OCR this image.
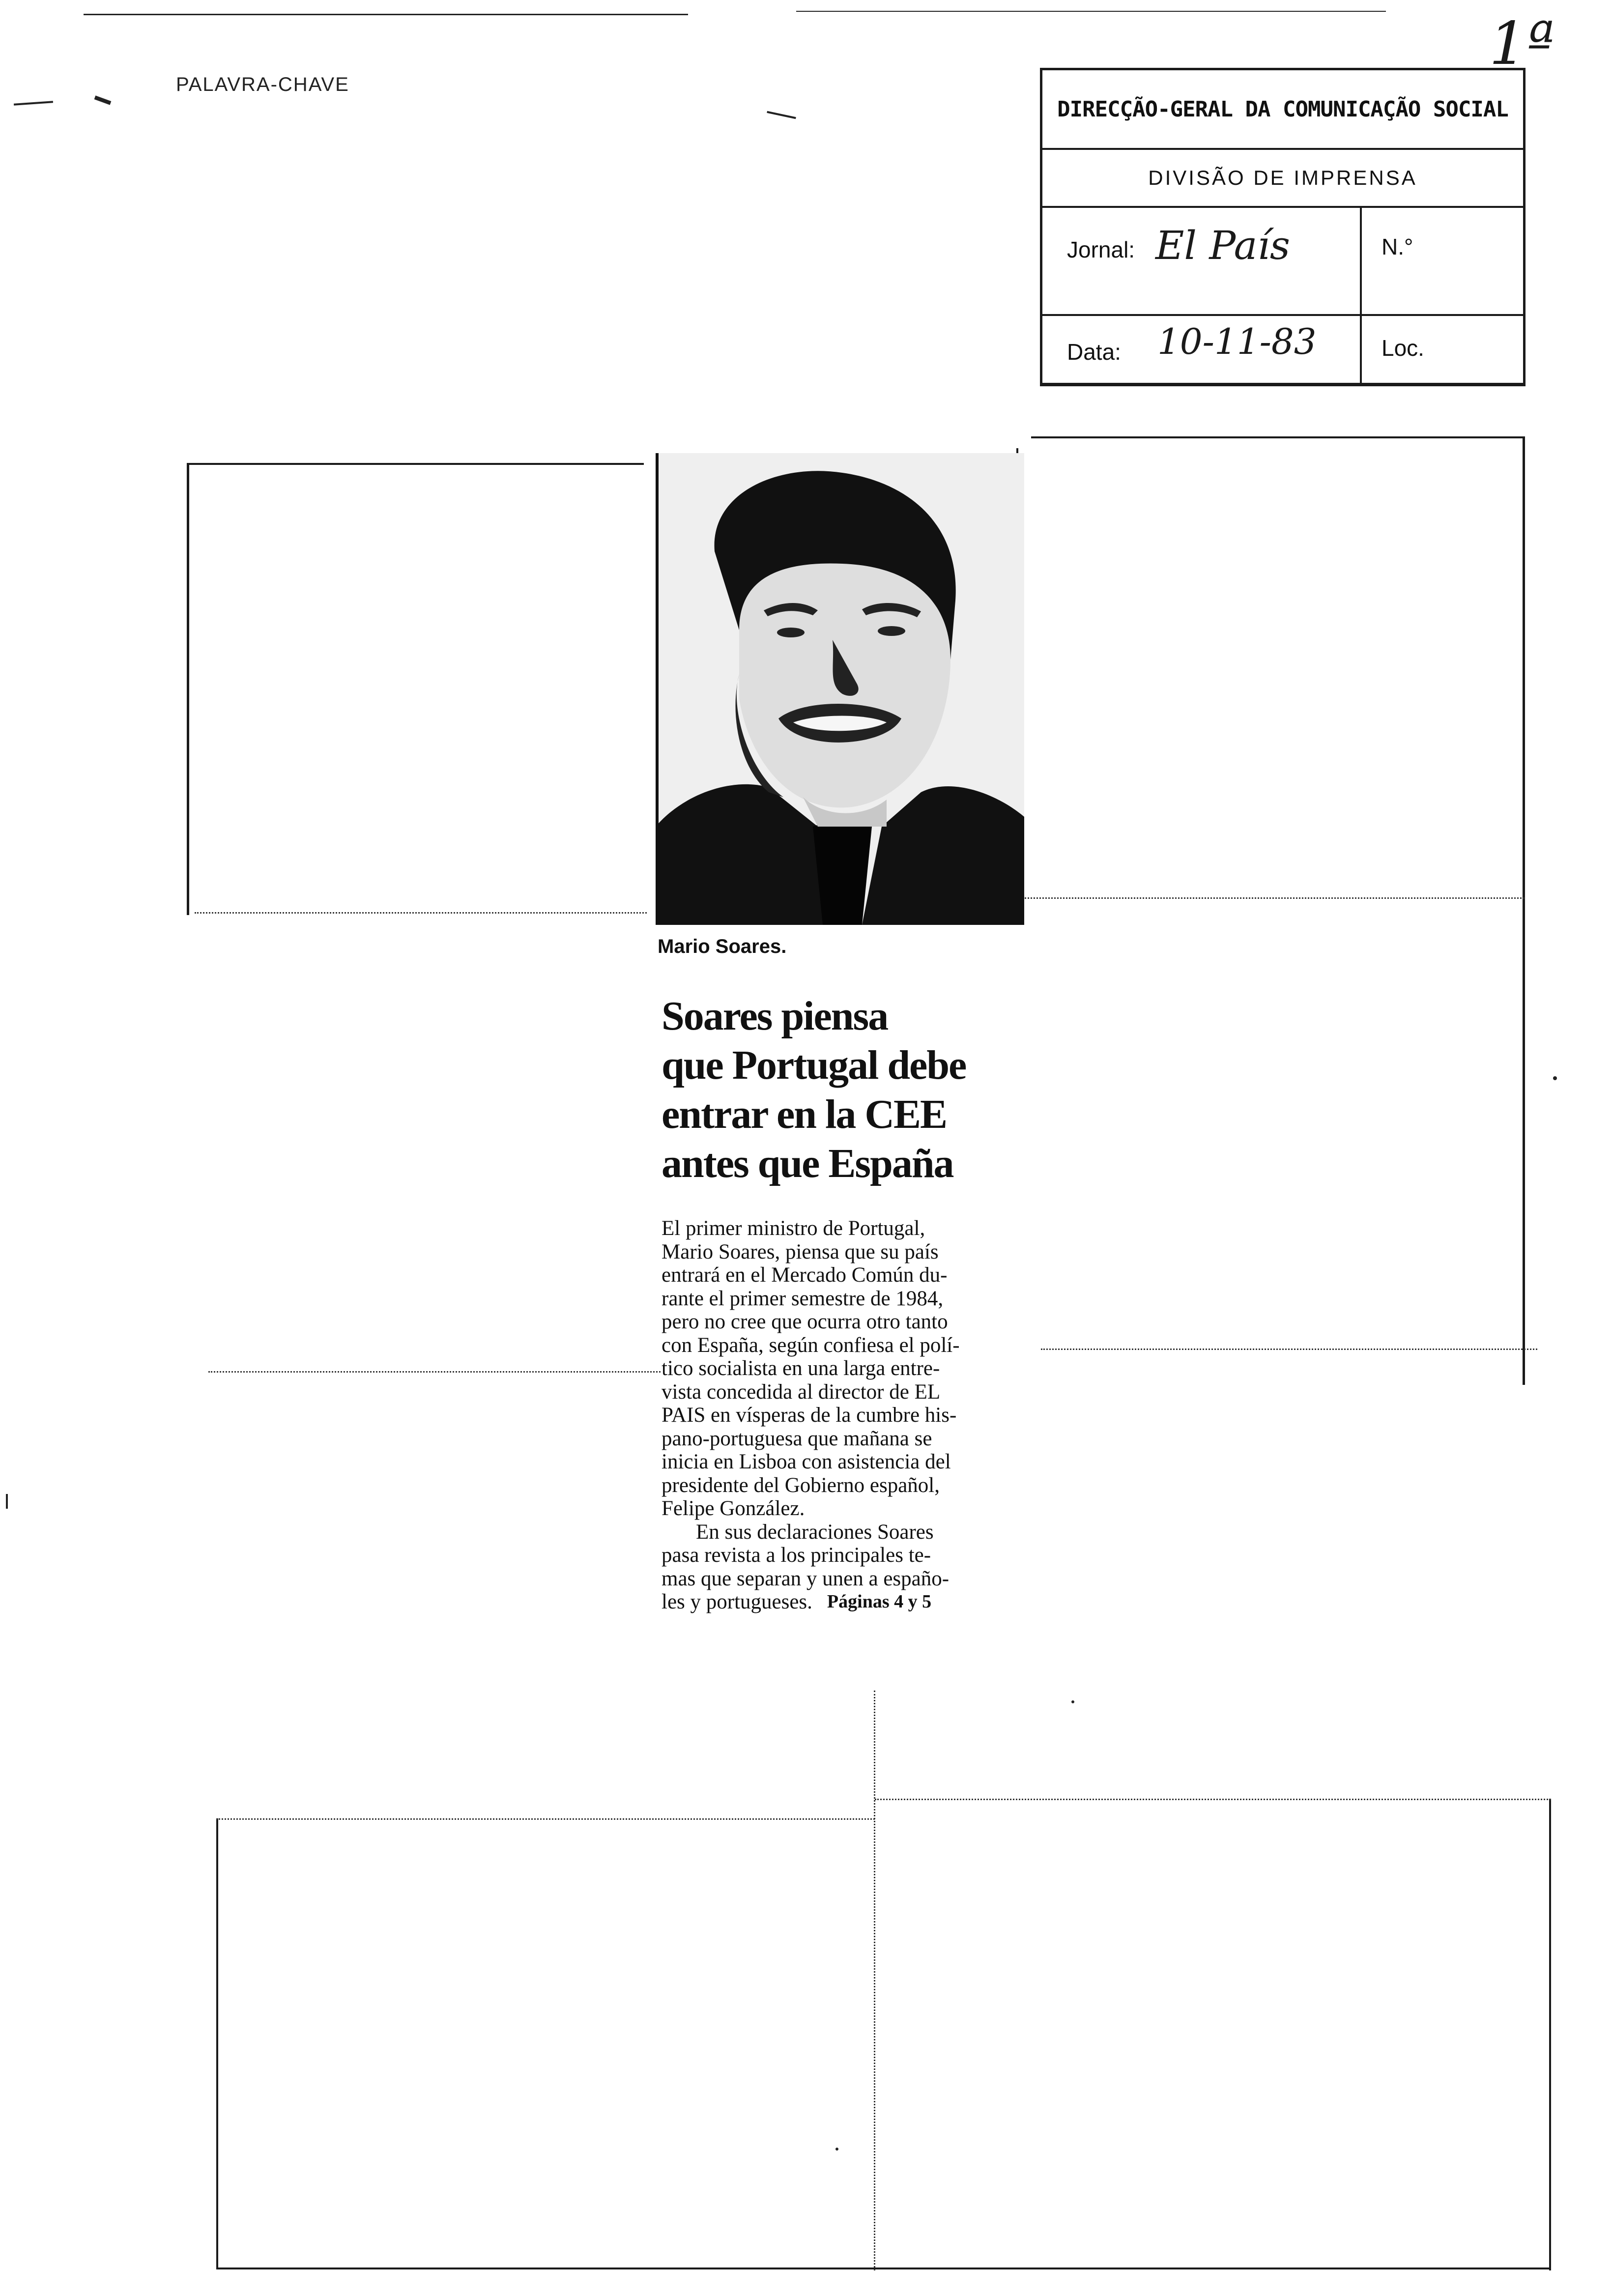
PALAVRA-CHAVE
1ª
DIRECÇÃO-GERAL DA COMUNICAÇÃO SOCIAL
DIVISÃO DE IMPRENSA
Jornal: El País	N.°
Data: 10-11-83	Loc.
Mario Soares.
Soares piensa
que Portugal debe
entrar en la CEE
antes que España
El primer ministro de Portugal,
Mario Soares, piensa que su país
entrará en el Mercado Común du-
rante el primer semestre de 1984,
pero no cree que ocurra otro tanto
con España, según confiesa el polí-
tico socialista en una larga entre-
vista concedida al director de EL
PAIS en vísperas de la cumbre his-
pano-portuguesa que mañana se
inicia en Lisboa con asistencia del
presidente del Gobierno español,
Felipe González.
En sus declaraciones Soares
pasa revista a los principales te-
mas que separan y unen a españo-
les y portugueses. Páginas 4 y 5
